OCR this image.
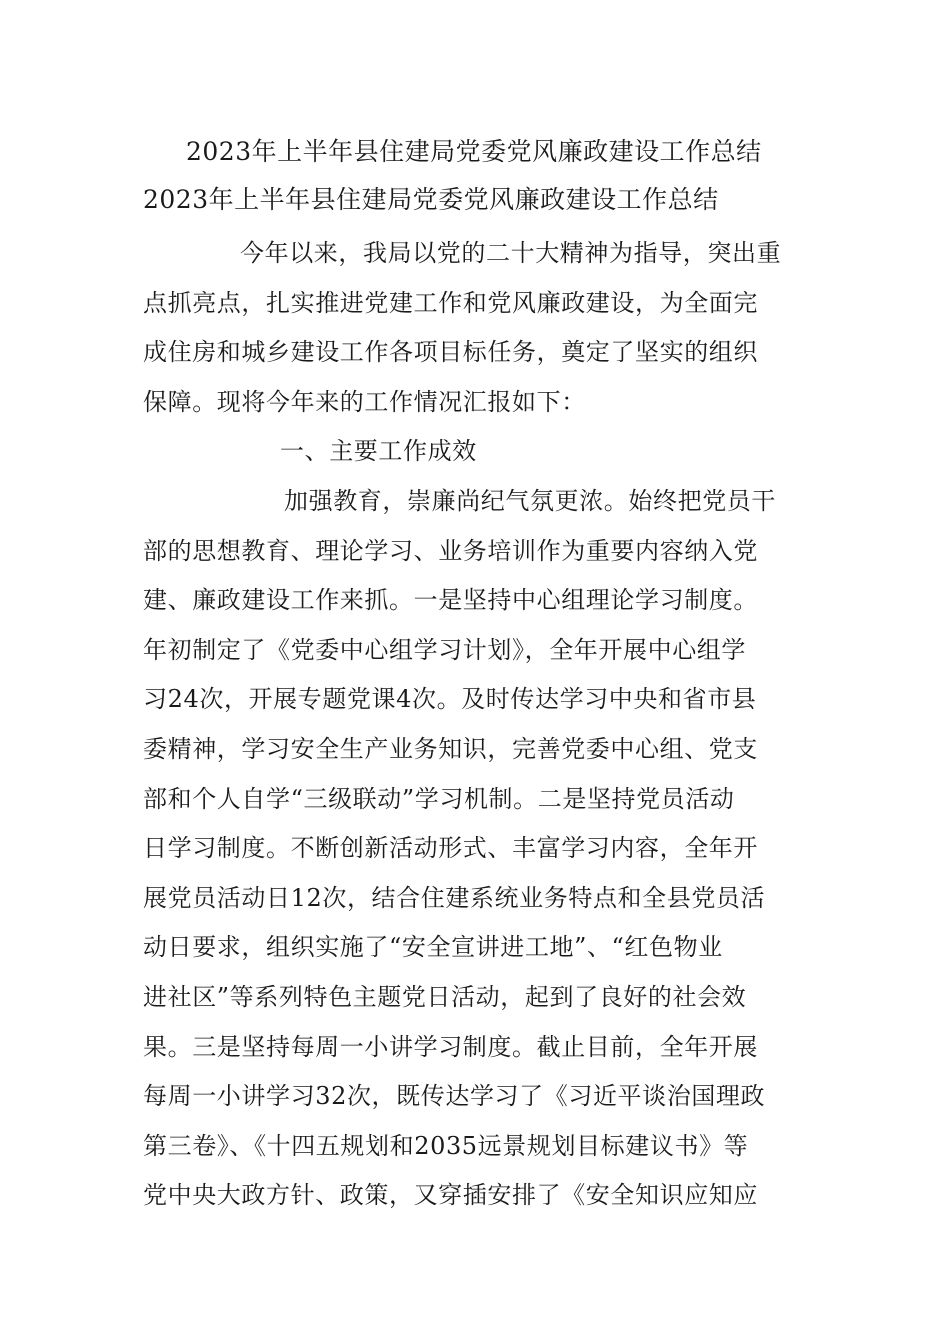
2023年上半年县住建局党委党风廉政建设工作总结
2023年上半年县住建局党委党风廉政建设工作总结
今年以来，我局以党的二十大精神为指导，突出重
点抓亮点，扎实推进党建工作和党风廉政建设，为全面完
成住房和城乡建设工作各项目标任务，奠定了坚实的组织
保障。现将今年来的工作情况汇报如下：
一、主要工作成效
加强教育，崇廉尚纪气氛更浓。始终把党员干
部的思想教育、理论学习、业务培训作为重要内容纳入党
建、廉政建设工作来抓。一是坚持中心组理论学习制度。
年初制定了《党委中心组学习计划》，全年开展中心组学
习24次，开展专题党课4次。及时传达学习中央和省市县
委精神，学习安全生产业务知识，完善党委中心组、党支
部和个人自学“三级联动”学习机制。二是坚持党员活动
日学习制度。不断创新活动形式、丰富学习内容，全年开
展党员活动日12次，结合住建系统业务特点和全县党员活
动日要求，组织实施了“安全宣讲进工地”、“红色物业
进社区”等系列特色主题党日活动，起到了良好的社会效
果。三是坚持每周一小讲学习制度。截止目前，全年开展
每周一小讲学习32次，既传达学习了《习近平谈治国理政
第三卷》、《十四五规划和2035远景规划目标建议书》等
党中央大政方针、政策，又穿插安排了《安全知识应知应
